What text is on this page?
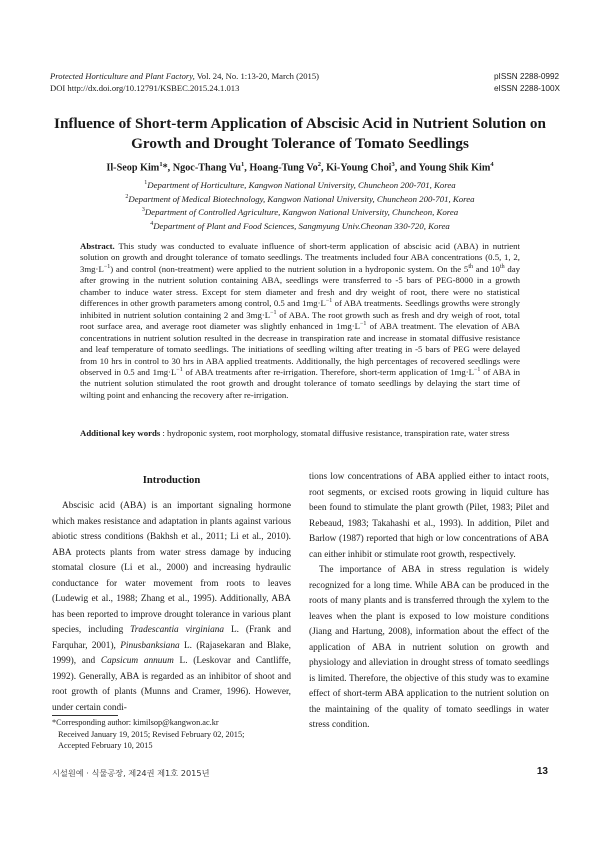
Protected Horticulture and Plant Factory, Vol. 24, No. 1:13-20, March (2015)
DOI http://dx.doi.org/10.12791/KSBEC.2015.24.1.013
pISSN 2288-0992
eISSN 2288-100X
Influence of Short-term Application of Abscisic Acid in Nutrient Solution on
Growth and Drought Tolerance of Tomato Seedlings
Il-Seop Kim$^1$*, Ngoc-Thang Vu$^1$, Hoang-Tung Vo$^2$, Ki-Young Choi$^3$, and Young Shik Kim$^4$
$^1$Department of Horticulture, Kangwon National University, Chuncheon 200-701, Korea
$^2$Department of Medical Biotechnology, Kangwon National University, Chuncheon 200-701, Korea
$^3$Department of Controlled Agriculture, Kangwon National University, Chuncheon, Korea
$^4$Department of Plant and Food Sciences, Sangmyung Univ.Cheonan 330-720, Korea
Abstract. This study was conducted to evaluate influence of short-term application of abscisic acid (ABA) in nutrient solution on growth and drought tolerance of tomato seedlings. The treatments included four ABA concentrations (0.5, 1, 2, $3mg\cdot L^{-1}$) and control (non-treatment) were applied to the nutrient solution in a hydroponic system. On the 5th and 10th day after growing in the nutrient solution containing ABA, seedlings were transferred to -5 bars of PEG-8000 in a growth chamber to induce water stress. Except for stem diameter and fresh and dry weight of root, there were no statistical differences in other growth parameters among control, 0.5 and $1mg\cdot L^{-1}$ of ABA treatments. Seedlings growths were strongly inhibited in nutrient solution containing 2 and $3mg\cdot L^{-1}$ of ABA. The root growth such as fresh and dry weigh of root, total root surface area, and average root diameter was slightly enhanced in $1mg\cdot L^{-1}$ of ABA treatment. The elevation of ABA concentrations in nutrient solution resulted in the decrease in transpiration rate and increase in stomatal diffusive resistance and leaf temperature of tomato seedlings. The initiations of seedling wilting after treating in -5 bars of PEG were delayed from 10 hrs in control to 30 hrs in ABA applied treatments. Additionally, the high percentages of recovered seedlings were observed in 0.5 and $1mg\cdot L^{-1}$ of ABA treatments after re-irrigation. Therefore, short-term application of $1mg\cdot L^{-1}$ of ABA in the nutrient solution stimulated the root growth and drought tolerance of tomato seedlings by delaying the start time of wilting point and enhancing the recovery after re-irrigation.
Additional key words : hydroponic system, root morphology, stomatal diffusive resistance, transpiration rate, water stress
Introduction

Abscisic acid (ABA) is an important signaling hormone which makes resistance and adaptation in plants against various abiotic stress conditions (Bakhsh et al., 2011; Li et al., 2010). ABA protects plants from water stress damage by inducing stomatal closure (Li et al., 2000) and increasing hydraulic conductance for water movement from roots to leaves (Ludewig et al., 1988; Zhang et al., 1995). Additionally, ABA has been reported to improve drought tolerance in various plant species, including Tradescantia virginiana L. (Frank and Farquhar, 2001), Pinusbanksiana L. (Rajasekaran and Blake, 1999), and Capsicum annuum L. (Leskovar and Cantliffe, 1992). Generally, ABA is regarded as an inhibitor of shoot and root growth of plants (Munns and Cramer, 1996). However, under certain condi-

tions low concentrations of ABA applied either to intact roots, root segments, or excised roots growing in liquid culture has been found to stimulate the plant growth (Pilet, 1983; Pilet and Rebeaud, 1983; Takahashi et al., 1993). In addition, Pilet and Barlow (1987) reported that high or low concentrations of ABA can either inhibit or stimulate root growth, respectively.

The importance of ABA in stress regulation is widely recognized for a long time. While ABA can be produced in the roots of many plants and is transferred through the xylem to the leaves when the plant is exposed to low moisture conditions (Jiang and Hartung, 2008), information about the effect of the application of ABA in nutrient solution on growth and physiology and alleviation in drought stress of tomato seedlings is limited. Therefore, the objective of this study was to examine effect of short-term ABA application to the nutrient solution on the maintaining of the quality of tomato seedlings in water stress condition.

*Corresponding author: kimilsop@kangwon.ac.kr
Received January 19, 2015; Revised February 02, 2015;
Accepted February 10, 2015
시설원예 · 식물공장, 제24권 제1호 2015년	13
